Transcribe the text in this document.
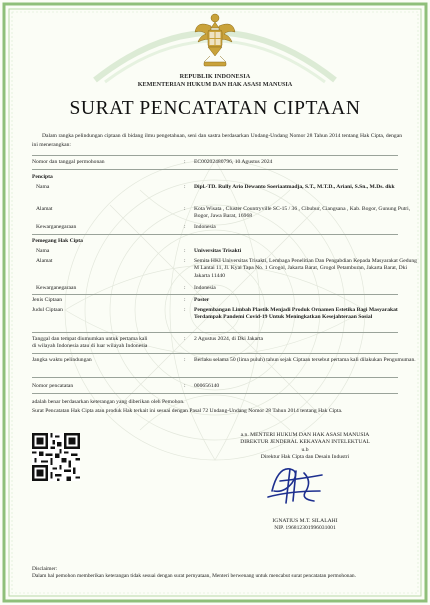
REPUBLIK INDONESIA
KEMENTERIAN HUKUM DAN HAK ASASI MANUSIA
SURAT PENCATATAN CIPTAAN
Dalam rangka pelindungan ciptaan di bidang ilmu pengetahuan, seni dan sastra berdasarkan Undang-Undang Nomor 28 Tahun 2014 tentang Hak Cipta, dengan ini menerangkan:
Nomor dan tanggal permohonan	: EC00202480796, 10 Agustus 2024
Pencipta
Nama	: Dipl.-TD. Rully Ario Dewanto Soeriaatmadja, S.T., M.T.D., Ariani, S.Sn., M.Ds. dkk
Alamat	: Kota Wisata , Cluster Countryville SC-15 / 36 , Cibubur, Ciangsana , Kab. Bogor, Gunung Putri, Bogor, Jawa Barat, 16968
Kewarganegaraan	: Indonesia
Pemegang Hak Cipta
Nama	: Universitas Trisakti
Alamat	: Semita HKI Universitas Trisakti, Lembaga Penelitian Dan Pengabdian Kepada Masyarakat Gedung M Lantai 11, Jl. Kyai Tapa No. 1 Grogol, Jakarta Barat, Grogol Petamburan, Jakarta Barat, Dki Jakarta 11440
Kewarganegaraan	: Indonesia
Jenis Ciptaan	: Poster
Judul Ciptaan	: Pengembangan Limbah Plastik Menjadi Produk Ornamen Estetika Bagi Masyarakat Terdampak Pandemi Covid-19 Untuk Meningkatkan Kesejahteraan Sosial
Tanggal dan tempat diumumkan untuk pertama kali	: 2 Agustus 2024, di Dki Jakarta
di wilayah Indonesia atau di luar wilayah Indonesia
Jangka waktu pelindungan	: Berlaku selama 50 (lima puluh) tahun sejak Ciptaan tersebut pertama kali dilakukan Pengumuman.
Nomor pencatatan	: 000656140
adalah benar berdasarkan keterangan yang diberikan oleh Pemohon.
Surat Pencatatan Hak Cipta atau produk Hak terkait ini sesuai dengan Pasal 72 Undang-Undang Nomor 28 Tahun 2014 tentang Hak Cipta.
a.n. MENTERI HUKUM DAN HAK ASASI MANUSIA
DIREKTUR JENDERAL KEKAYAAN INTELEKTUAL
u.b
Direktur Hak Cipta dan Desain Industri
IGNATIUS M.T. SILALAHI
NIP. 196812301996031001
Disclaimer:
Dalam hal pemohon memberikan keterangan tidak sesuai dengan surat pernyataan, Menteri berwenang untuk mencabut surat pencatatan permohonan.
